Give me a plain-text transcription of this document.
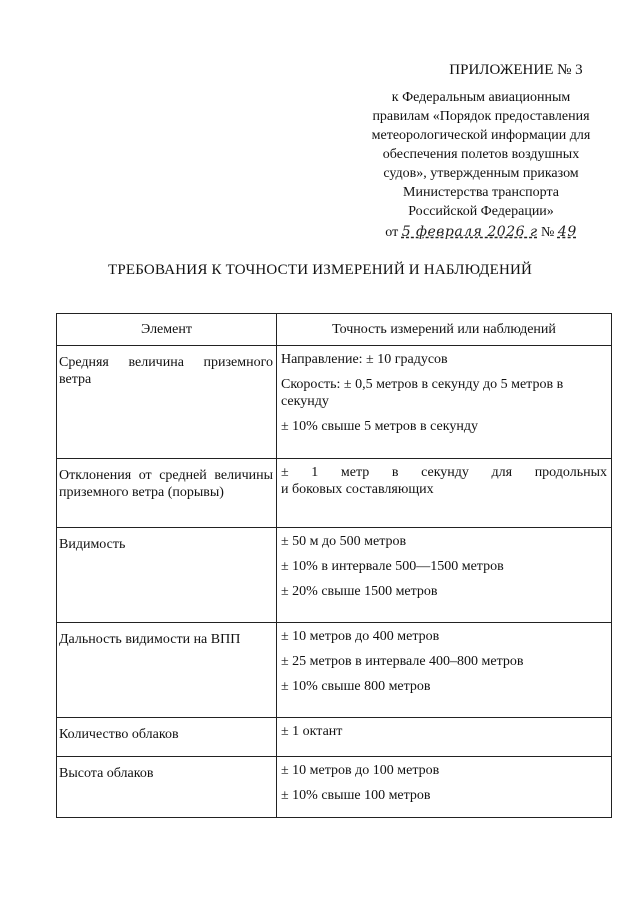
ПРИЛОЖЕНИЕ № 3
к Федеральным авиационным
правилам «Порядок предоставления
метеорологической информации для
обеспечения полетов воздушных
судов», утвержденным приказом
Министерства транспорта
Российской Федерации»
от 5 февраля 2026 г № 49
ТРЕБОВАНИЯ К ТОЧНОСТИ ИЗМЕРЕНИЙ И НАБЛЮДЕНИЙ
Элемент	Точность измерений или наблюдений
Средняя величина приземного ветра	Направление: ± 10 градусов

Скорость: ± 0,5 метров в секунду до 5 метров в секунду

± 10% свыше 5 метров в секунду

Отклонения от средней величины приземного ветра (порывы)	± 1 метр в секунду для продольных

и боковых составляющих

Видимость	± 50 м до 500 метров

± 10% в интервале 500—1500 метров

± 20% свыше 1500 метров

Дальность видимости на ВПП	± 10 метров до 400 метров

± 25 метров в интервале 400–800 метров

± 10% свыше 800 метров

Количество облаков	± 1 октант

Высота облаков	± 10 метров до 100 метров

± 10% свыше 100 метров
